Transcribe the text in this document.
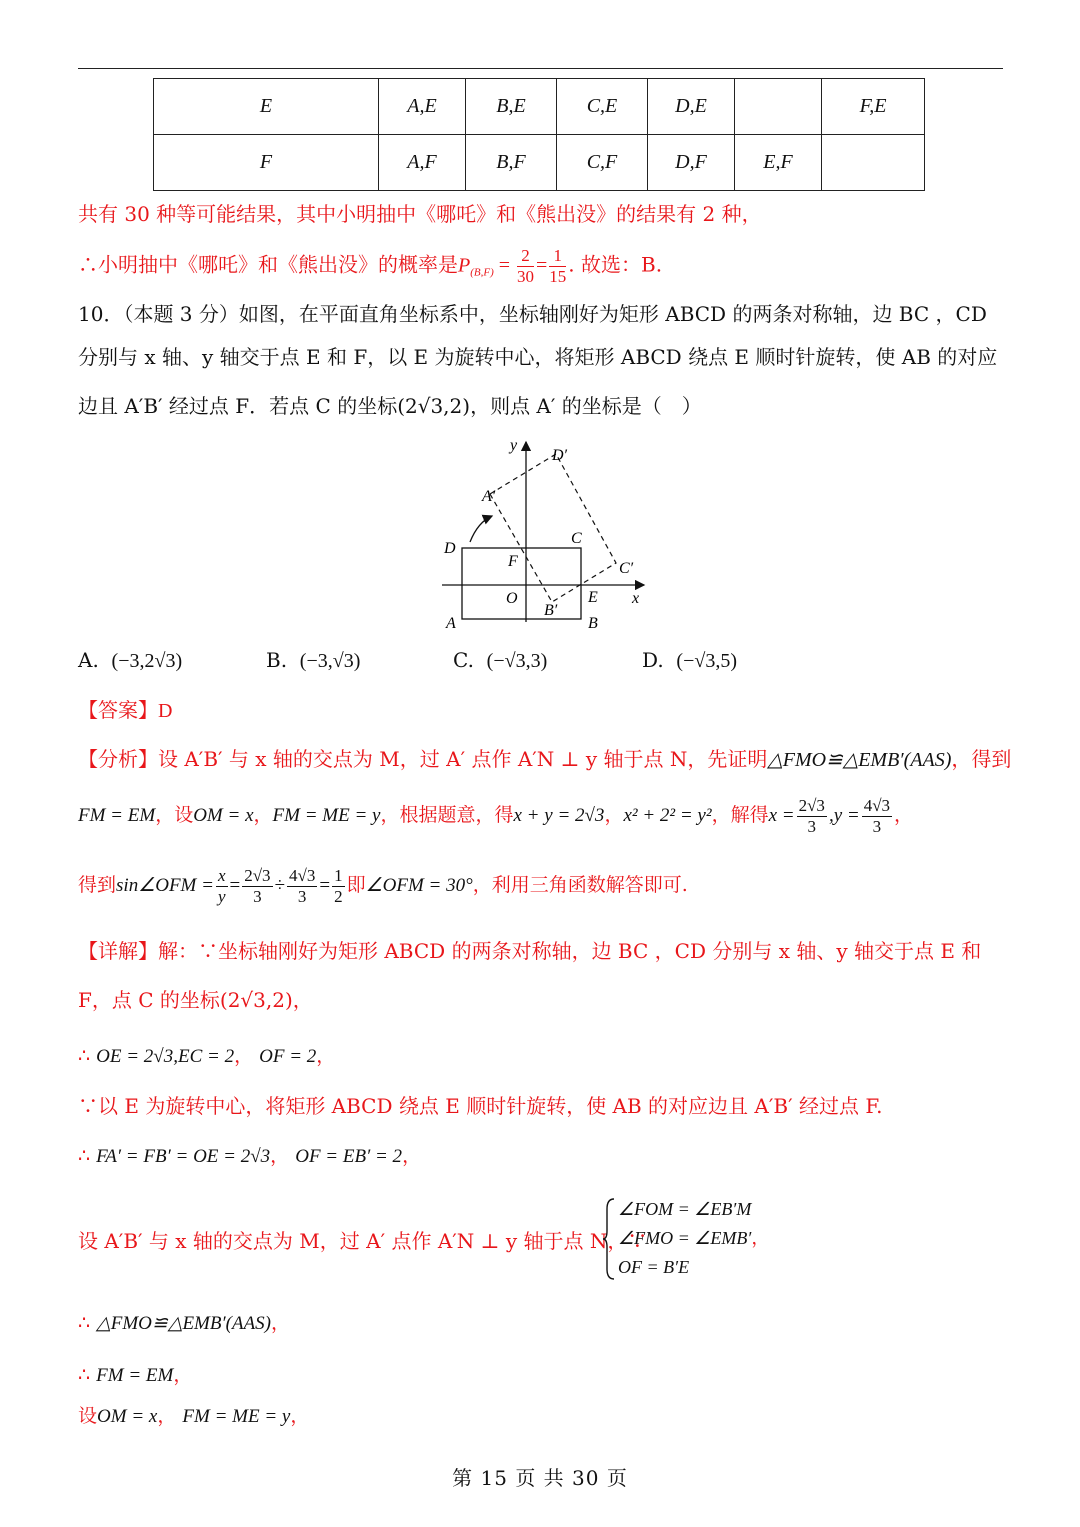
E	A,E	B,E	C,E	D,E		F,E
F	A,F	B,F	C,F	D,F	E,F	
共有 30 种等可能结果，其中小明抽中《哪吒》和《熊出没》的结果有 2 种，
∴小明抽中《哪吒》和《熊出没》的概率是$P_{(B,F)} = \frac{2}{30} = \frac{1}{15}$ . 故选：B.
10．（本题 3 分）如图，在平面直角坐标系中，坐标轴刚好为矩形 ABCD 的两条对称轴，边 BC ，CD
分别与 x 轴、y 轴交于点 E 和 F，以 E 为旋转中心，将矩形 ABCD 绕点 E 顺时针旋转，使 AB 的对应
边且 A′B′ 经过点 F．若点 C 的坐标(2√3,2)，则点 A′ 的坐标是（　）
y
x
D′
A′
D
C
F	C′
O	E
B′
A	B
A. (−3,2√3)	B. (−3,√3)	C. (−√3,3)	D. (−√3,5)
【答案】D
【分析】设 A′B′ 与 x 轴的交点为 M，过 A′ 点作 A′N ⊥ y 轴于点 N，先证明△FMO≌△EMB′(AAS)，得到
FM = EM，设OM = x，FM = ME = y，根据题意，得x + y = 2√3，x² + 2² = y²，解得$x = \frac{2√3}{3} ,y = \frac{4√3}{3}$ ，
得到sin∠OFM = $\frac{x}{y} = \frac{2√3}{3} \div \frac{4√3}{3} = \frac{1}{2}$ 即∠OFM = 30°，利用三角函数解答即可.
【详解】解：∵坐标轴刚好为矩形 ABCD 的两条对称轴，边 BC ，CD 分别与 x 轴、y 轴交于点 E 和
F，点 C 的坐标(2√3,2)，
∴ OE = 2√3,EC = 2， OF = 2，
∵以 E 为旋转中心，将矩形 ABCD 绕点 E 顺时针旋转，使 AB 的对应边且 A′B′ 经过点 F.
∴ FA′ = FB′ = OE = 2√3， OF = EB′ = 2，
设 A′B′ 与 x 轴的交点为 M，过 A′ 点作 A′N ⊥ y 轴于点 N，∵
∠FOM = ∠EB′M
∠FMO = ∠EMB′，
OF = B′E
∴ △FMO≌△EMB′(AAS)，
∴ FM = EM，
设OM = x， FM = ME = y，
第 15 页 共 30 页
